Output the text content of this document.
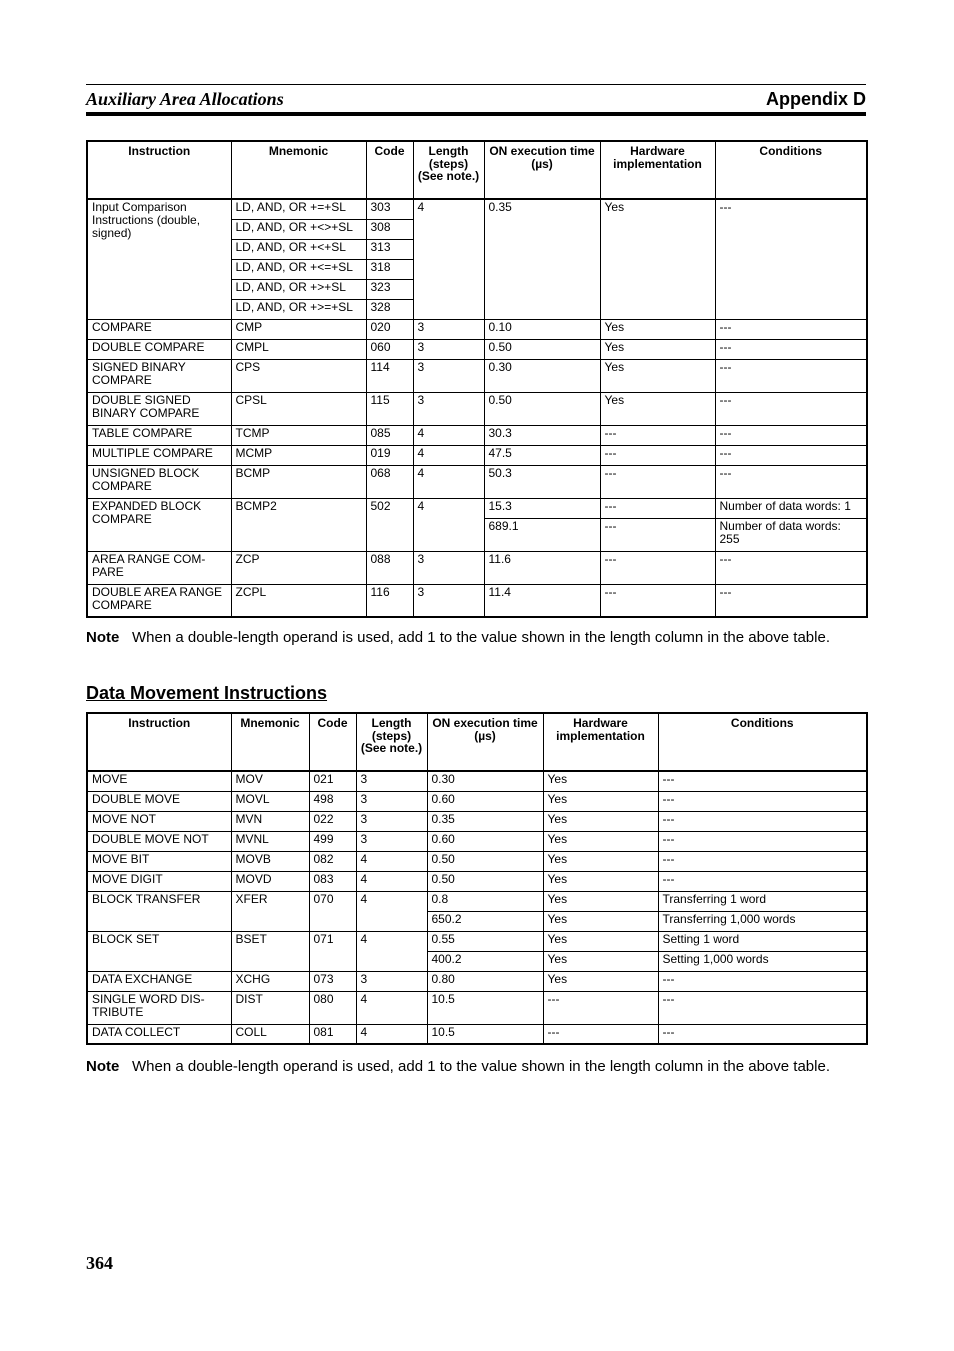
Auxiliary Area Allocations	Appendix D
Instruction	Mnemonic	Code	Length (steps) (See note.)	ON execution time (µs)	Hardware implementation	Conditions
Input Comparison Instructions (double, signed)	LD, AND, OR +=+SL	303	4	0.35	Yes	---
	LD, AND, OR +<>+SL	308				
	LD, AND, OR +<+SL	313				
	LD, AND, OR +<=+SL	318				
	LD, AND, OR +>+SL	323				
	LD, AND, OR +>=+SL	328				
COMPARE	CMP	020	3	0.10	Yes	---
DOUBLE COMPARE	CMPL	060	3	0.50	Yes	---
SIGNED BINARY COMPARE	CPS	114	3	0.30	Yes	---
DOUBLE SIGNED BINARY COMPARE	CPSL	115	3	0.50	Yes	---
TABLE COMPARE	TCMP	085	4	30.3	---	---
MULTIPLE COMPARE	MCMP	019	4	47.5	---	---
UNSIGNED BLOCK COMPARE	BCMP	068	4	50.3	---	---
EXPANDED BLOCK COMPARE	BCMP2	502	4	15.3	---	Number of data words: 1
				689.1	---	Number of data words: 255
AREA RANGE COM-PARE	ZCP	088	3	11.6	---	---
DOUBLE AREA RANGE COMPARE	ZCPL	116	3	11.4	---	---
Note When a double-length operand is used, add 1 to the value shown in the length column in the above table.
Data Movement Instructions
Instruction	Mnemonic	Code	Length (steps) (See note.)	ON execution time (µs)	Hardware implementation	Conditions
MOVE	MOV	021	3	0.30	Yes	---
DOUBLE MOVE	MOVL	498	3	0.60	Yes	---
MOVE NOT	MVN	022	3	0.35	Yes	---
DOUBLE MOVE NOT	MVNL	499	3	0.60	Yes	---
MOVE BIT	MOVB	082	4	0.50	Yes	---
MOVE DIGIT	MOVD	083	4	0.50	Yes	---
BLOCK TRANSFER	XFER	070	4	0.8	Yes	Transferring 1 word
				650.2	Yes	Transferring 1,000 words
BLOCK SET	BSET	071	4	0.55	Yes	Setting 1 word
				400.2	Yes	Setting 1,000 words
DATA EXCHANGE	XCHG	073	3	0.80	Yes	---
SINGLE WORD DIS-TRIBUTE	DIST	080	4	10.5	---	---
DATA COLLECT	COLL	081	4	10.5	---	---
Note When a double-length operand is used, add 1 to the value shown in the length column in the above table.
364
